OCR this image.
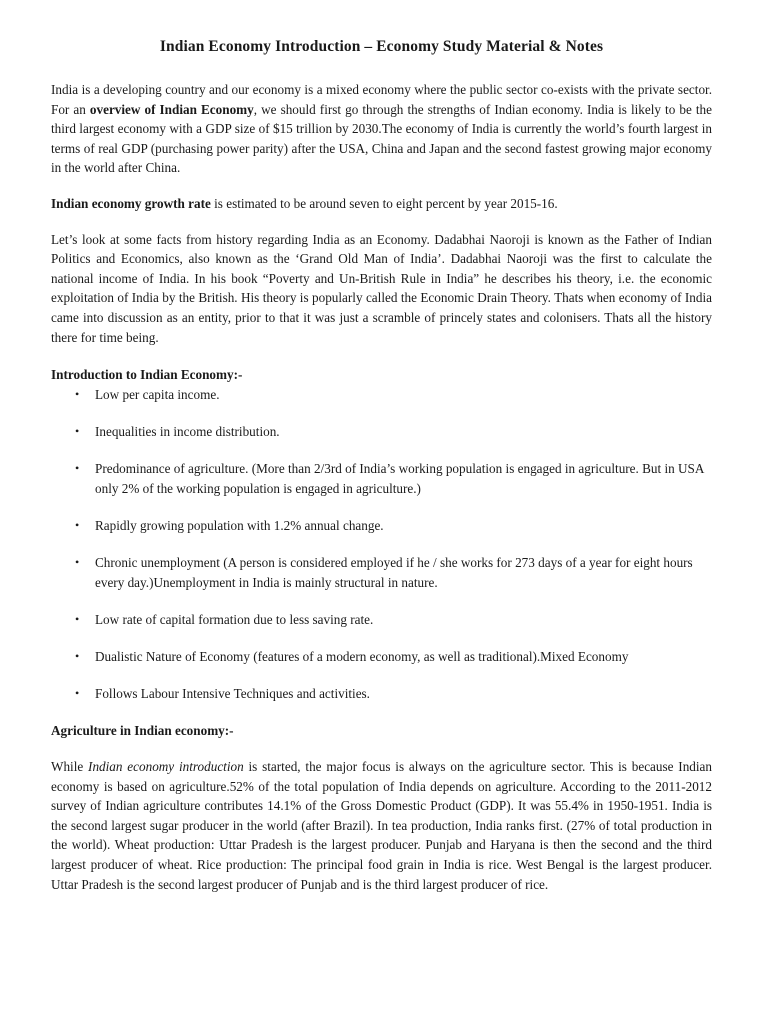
Indian Economy Introduction – Economy Study Material & Notes

India is a developing country and our economy is a mixed economy where the public sector co-exists with the private sector. For an overview of Indian Economy, we should first go through the strengths of Indian economy. India is likely to be the third largest economy with a GDP size of $15 trillion by 2030.The economy of India is currently the world’s fourth largest in terms of real GDP (purchasing power parity) after the USA, China and Japan and the second fastest growing major economy in the world after China.

Indian economy growth rate is estimated to be around seven to eight percent by year 2015-16.

Let’s look at some facts from history regarding India as an Economy. Dadabhai Naoroji is known as the Father of Indian Politics and Economics, also known as the ‘Grand Old Man of India’. Dadabhai Naoroji was the first to calculate the national income of India. In his book “Poverty and Un-British Rule in India” he describes his theory, i.e. the economic exploitation of India by the British. His theory is popularly called the Economic Drain Theory. Thats when economy of India came into discussion as an entity, prior to that it was just a scramble of princely states and colonisers. Thats all the history there for time being.

Introduction to Indian Economy:-
• Low per capita income.
• Inequalities in income distribution.
• Predominance of agriculture. (More than 2/3rd of India’s working population is engaged in agriculture. But in USA only 2% of the working population is engaged in agriculture.)
• Rapidly growing population with 1.2% annual change.
• Chronic unemployment (A person is considered employed if he / she works for 273 days of a year for eight hours every day.)Unemployment in India is mainly structural in nature.
• Low rate of capital formation due to less saving rate.
• Dualistic Nature of Economy (features of a modern economy, as well as traditional).Mixed Economy
• Follows Labour Intensive Techniques and activities.
Agriculture in Indian economy:-

While Indian economy introduction is started, the major focus is always on the agriculture sector. This is because Indian economy is based on agriculture.52% of the total population of India depends on agriculture. According to the 2011-2012 survey of Indian agriculture contributes 14.1% of the Gross Domestic Product (GDP). It was 55.4% in 1950-1951. India is the second largest sugar producer in the world (after Brazil). In tea production, India ranks first. (27% of total production in the world). Wheat production: Uttar Pradesh is the largest producer. Punjab and Haryana is then the second and the third largest producer of wheat. Rice production: The principal food grain in India is rice. West Bengal is the largest producer. Uttar Pradesh is the second largest producer of Punjab and is the third largest producer of rice.
